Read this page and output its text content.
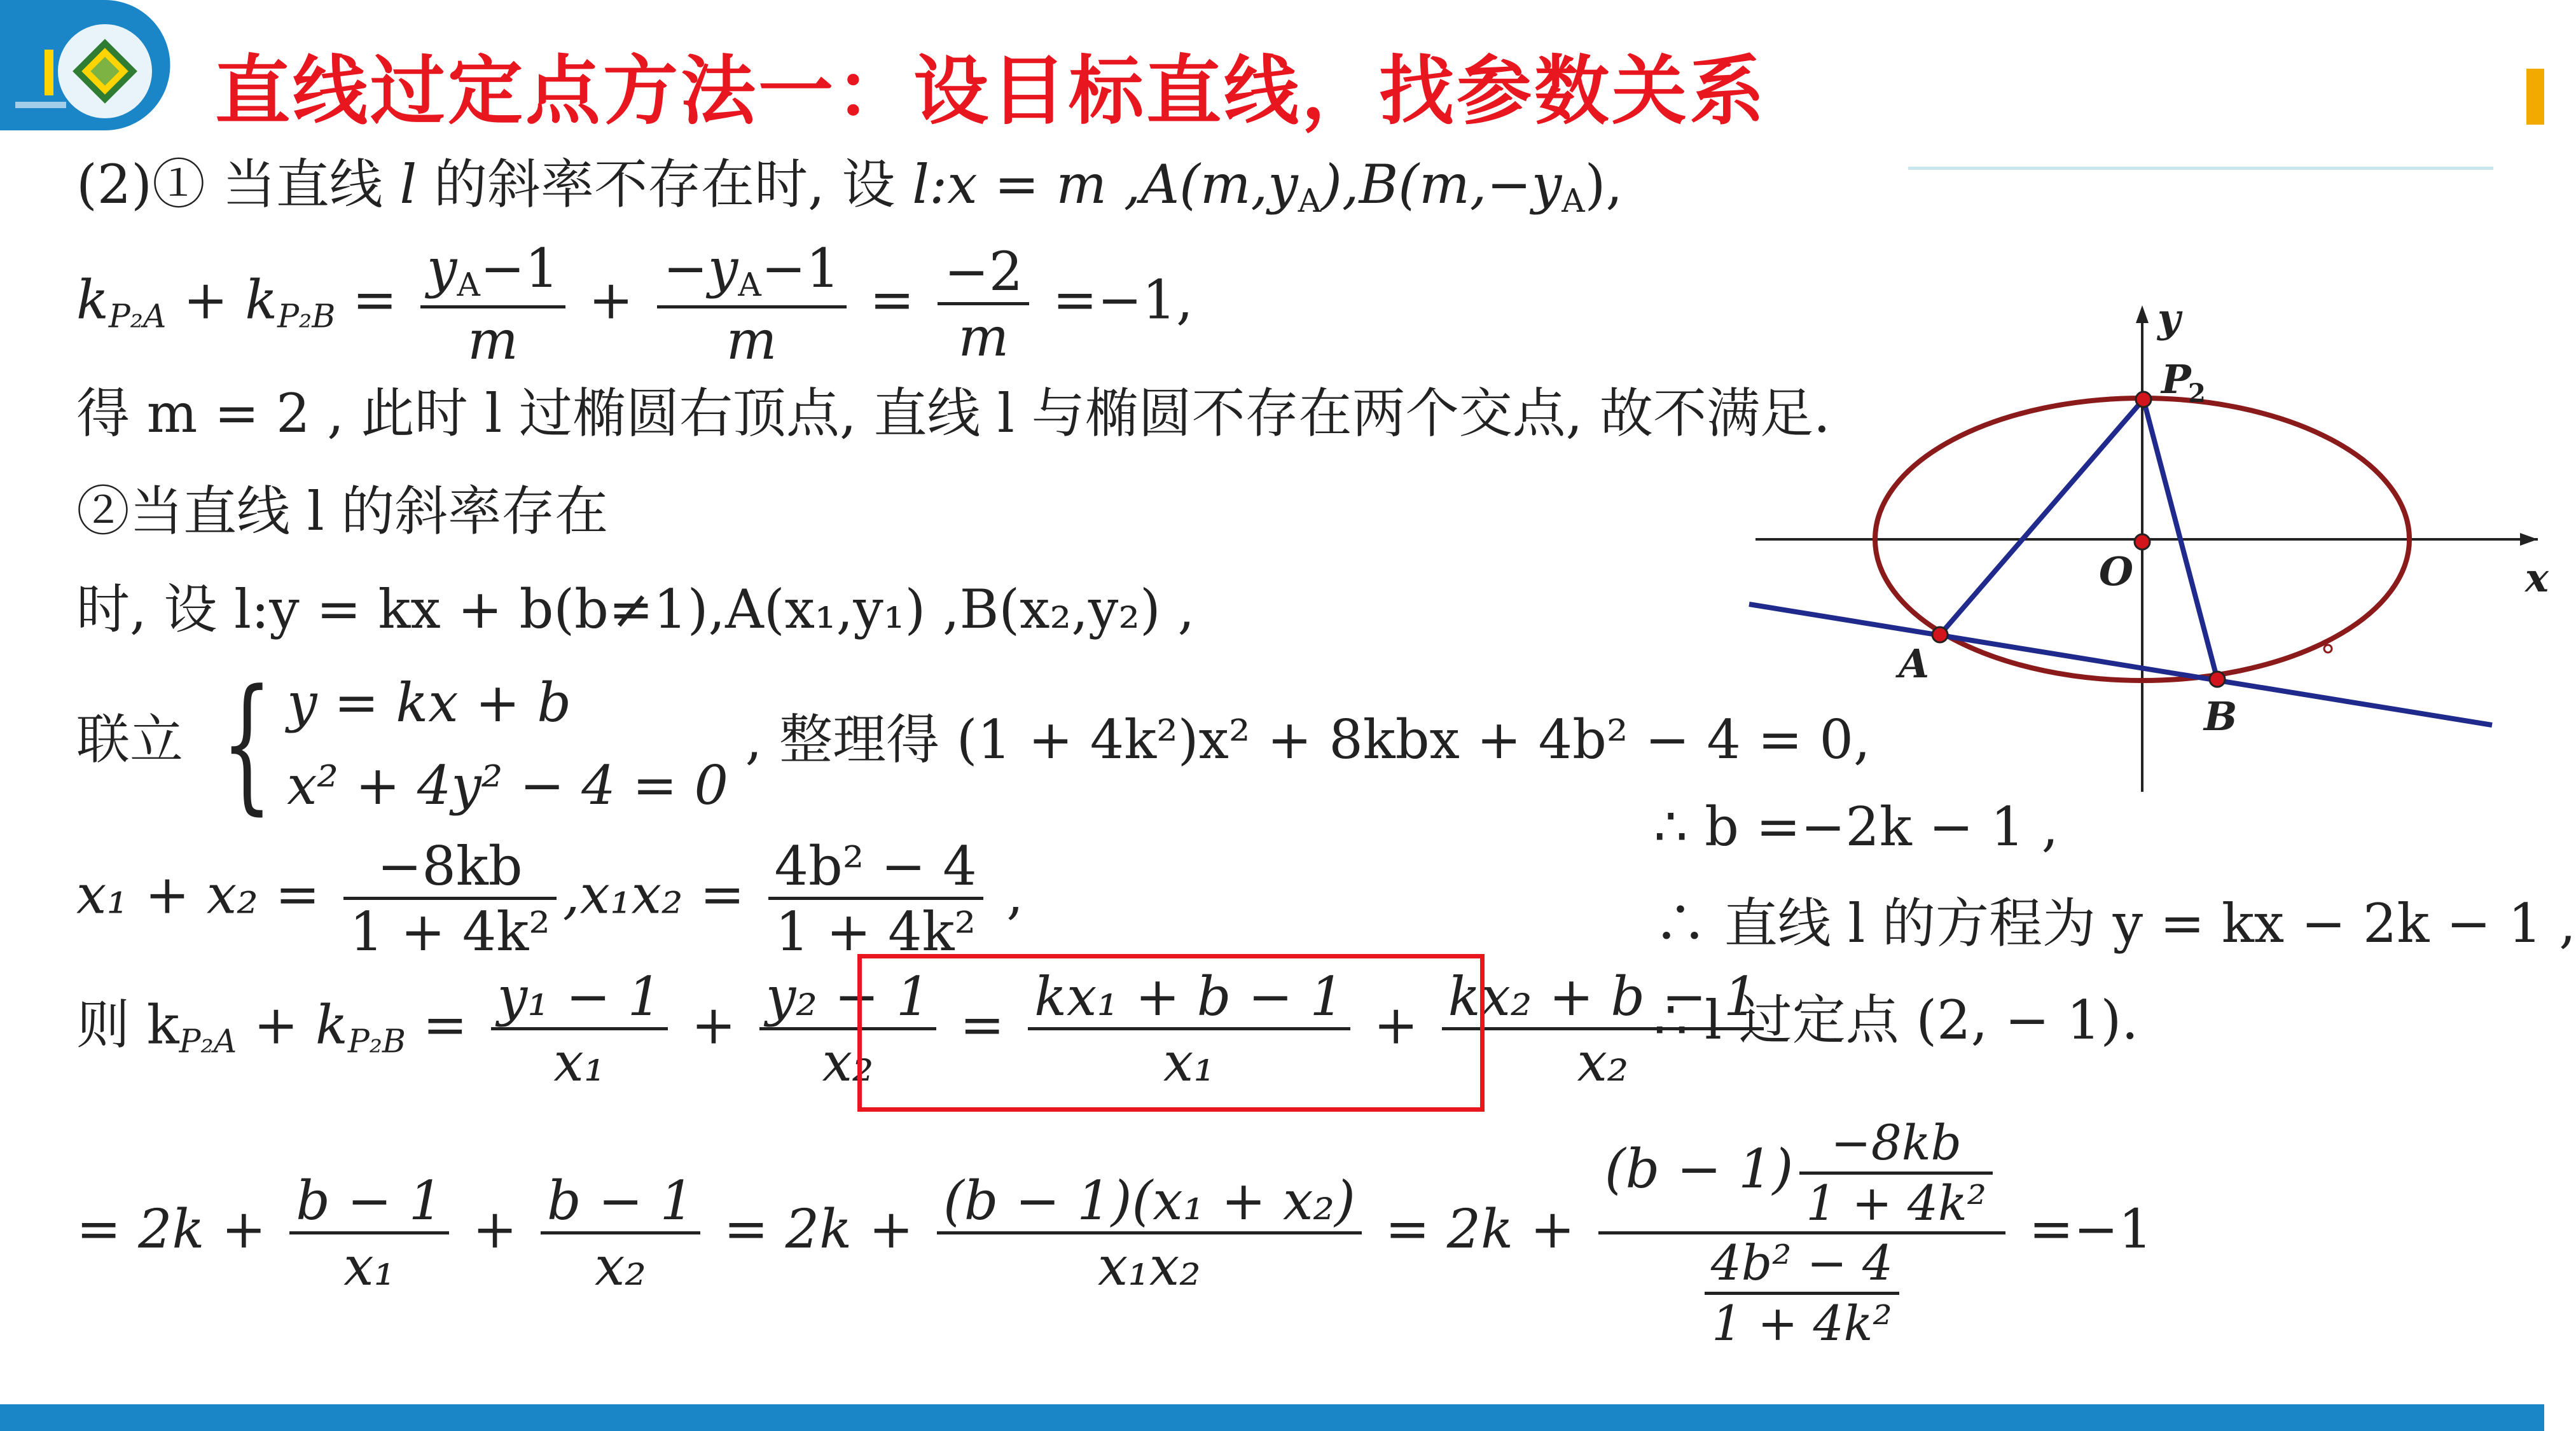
直线过定点方法一：设目标直线，找参数关系
(2)① 当直线 l 的斜率不存在时, 设 l:x = m $,A(m,y_A),B(m,-y_A)$,
$k_{P_2A} + k_{P_2B} = \frac{y_A-1}{m} + \frac{-y_A-1}{m} = \frac{-2}{m} =-1$,
得 m = 2 , 此时 l 过椭圆右顶点, 直线 l 与椭圆不存在两个交点, 故不满足.
②当直线 l 的斜率存在
时, 设 l:y = kx + b(b≠1),A(x₁,y₁) ,B(x₂,y₂) ,
联立 { y = kx + b
x² + 4y² − 4 = 0
, 整理得 (1 + 4k²)x² + 8kbx + 4b² − 4 = 0,
$x_1 + x_2 = \frac{-8kb}{\text{1 + 4k²}} ,x_1x_2 = \frac{\text{4b² − 4}}{\text{1 + 4k²}}$ ,
则 $k_{P_2A} + k_{P_2B} = \frac{\text{y₁ − 1}}{\text{x₁}} + \frac{\text{y₂ − 1}}{\text{x₂}} = \frac{\text{kx₁ + b − 1}}{\text{x₁}} + \frac{\text{kx₂ + b − 1}}{\text{x₂}}$
= $2k + \frac{b - 1}{\text{x₁}} + \frac{b - 1}{\text{x₂}} = 2k + \frac{\text{(b − 1)(x₁ + x₂)}}{\text{x₁x₂}} = 2k + \frac{(b - 1) \frac{-8kb}{\text{1 + 4k²}}}{\frac{\text{4b² − 4}}{\text{1 + 4k²}}} =-1$
∴ b =−2k − 1 ,
∴ 直线 l 的方程为 y = kx − 2k − 1 ,
∴ l 过定点 (2, − 1).
y
x
O
P
2
A
B
